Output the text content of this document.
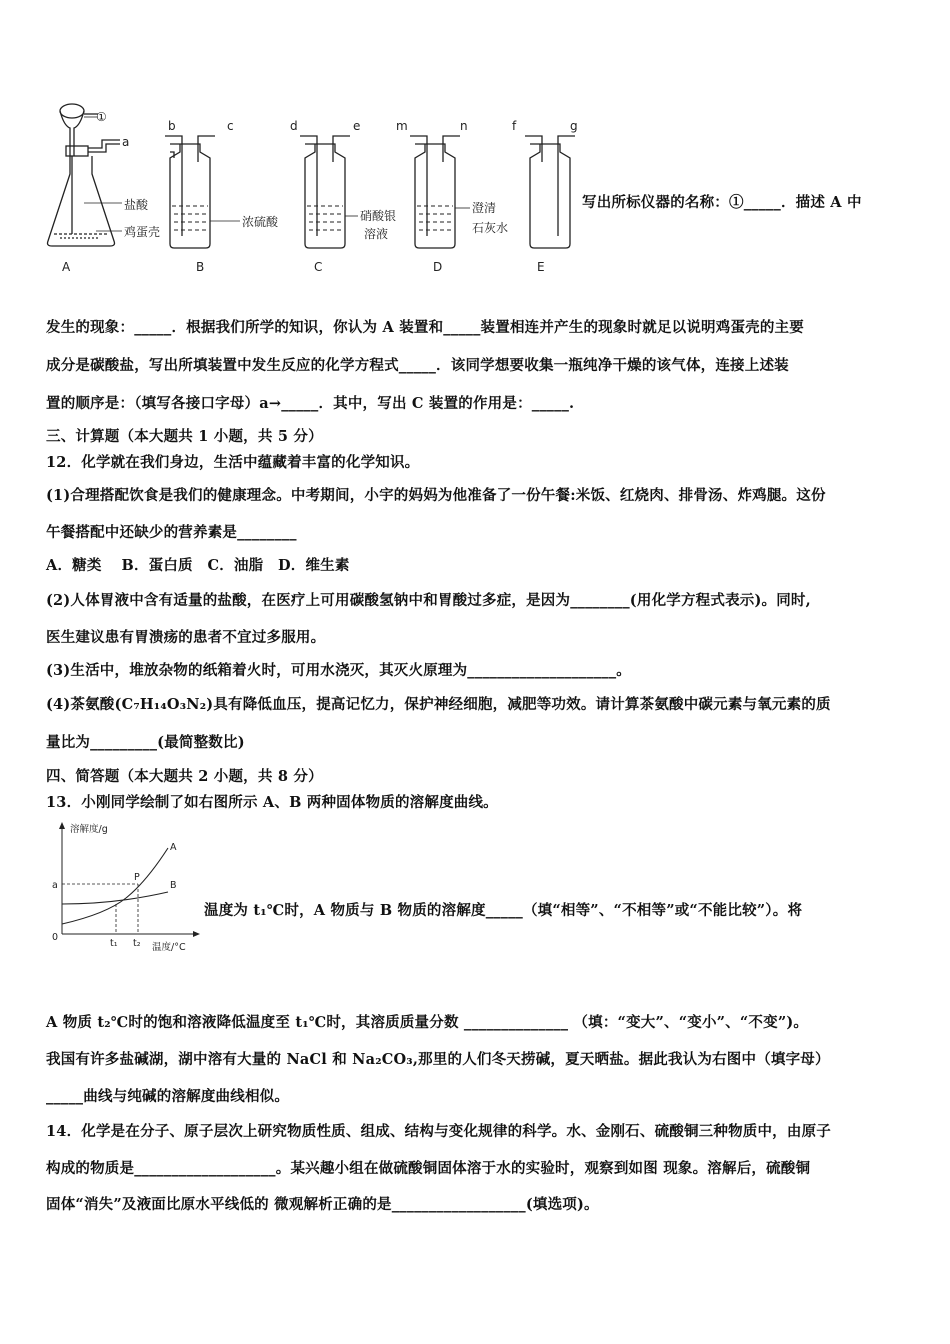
①
a
盐酸
鸡蛋壳
A
b	c
浓硫酸
B
d	e
硝酸银
溶液
C
m	n
澄清
石灰水
D
f	g
E
写出所标仪器的名称：①_____．描述 A 中
发生的现象：_____．根据我们所学的知识，你认为 A 装置和_____装置相连并产生的现象时就足以说明鸡蛋壳的主要
成分是碳酸盐，写出所填装置中发生反应的化学方程式_____．该同学想要收集一瓶纯净干燥的该气体，连接上述装
置的顺序是：（填写各接口字母）a→_____．其中，写出 C 装置的作用是：_____.
三、计算题（本大题共 1 小题，共 5 分）
12．化学就在我们身边，生活中蕴藏着丰富的化学知识。
(1)合理搭配饮食是我们的健康理念。中考期间，小宇的妈妈为他准备了一份午餐:米饭、红烧肉、排骨汤、炸鸡腿。这份
午餐搭配中还缺少的营养素是________
A．糖类　 B．蛋白质　C．油脂　D．维生素
(2)人体胃液中含有适量的盐酸，在医疗上可用碳酸氢钠中和胃酸过多症，是因为________(用化学方程式表示)。同时,
医生建议患有胃溃疡的患者不宜过多服用。
(3)生活中，堆放杂物的纸箱着火时，可用水浇灭，其灭火原理为____________________。
(4)茶氨酸(C₇H₁₄O₃N₂)具有降低血压，提高记忆力，保护神经细胞，减肥等功效。请计算茶氨酸中碳元素与氧元素的质
量比为_________(最简整数比)
四、简答题（本大题共 2 小题，共 8 分）
13．小刚同学绘制了如右图所示 A、B 两种固体物质的溶解度曲线。
溶解度/g
温度/°C
0
a
t₁ t₂
A
B
P
温度为 t₁℃时，A 物质与 B 物质的溶解度_____（填“相等”、“不相等”或“不能比较”）。将
A 物质 t₂℃时的饱和溶液降低温度至 t₁℃时，其溶质质量分数 ______________ （填：“变大”、“变小”、“不变”)。
我国有许多盐碱湖，湖中溶有大量的 NaCl 和 Na₂CO₃,那里的人们冬天捞碱，夏天晒盐。据此我认为右图中（填字母）
_____曲线与纯碱的溶解度曲线相似。
14．化学是在分子、原子层次上研究物质性质、组成、结构与变化规律的科学。水、金刚石、硫酸铜三种物质中，由原子
构成的物质是___________________。某兴趣小组在做硫酸铜固体溶于水的实验时，观察到如图 现象。溶解后，硫酸铜
固体“消失”及液面比原水平线低的 微观解析正确的是__________________(填选项)。
